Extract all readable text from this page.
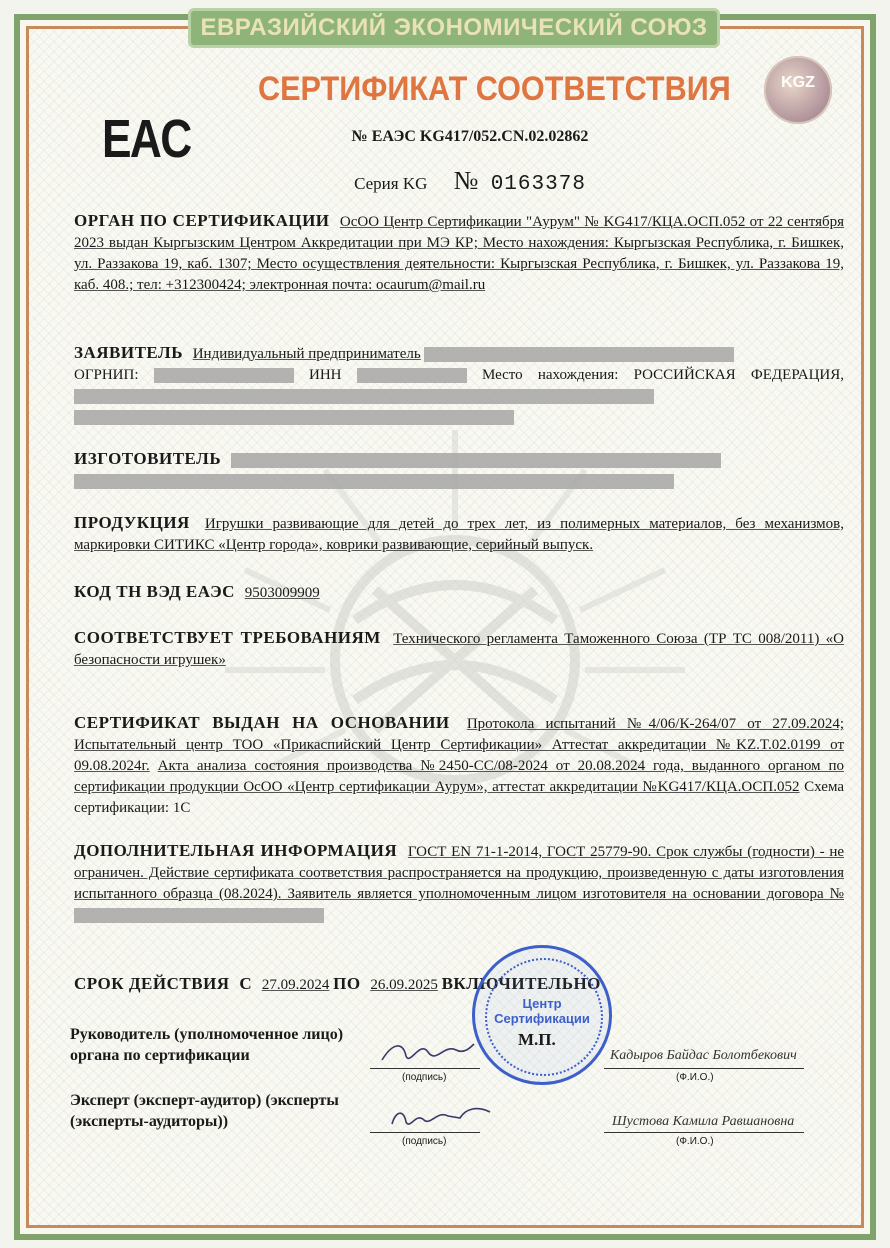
ЕВРАЗИЙСКИЙ ЭКОНОМИЧЕСКИЙ СОЮЗ
EAC
СЕРТИФИКАТ СООТВЕТСТВИЯ	KGZ
№ ЕАЭС KG417/052.CN.02.02862
Серия KG № 0163378
ОРГАН ПО СЕРТИФИКАЦИИ ОсОО Центр Сертификации "Аурум" № KG417/КЦА.ОСП.052 от 22 сентября 2023 выдан Кыргызским Центром Аккредитации при МЭ КР; Место нахождения: Кыргызская Республика, г. Бишкек, ул. Раззакова 19, каб. 1307; Место осуществления деятельности: Кыргызская Республика, г. Бишкек, ул. Раззакова 19, каб. 408.; тел: +312300424; электронная почта: ocaurum@mail.ru
ЗАЯВИТЕЛЬ Индивидуальный предприниматель
ОГРНИП:	ИНН	Место нахождения: РОССИЙСКАЯ ФЕДЕРАЦИЯ,
ИЗГОТОВИТЕЛЬ

ПРОДУКЦИЯ Игрушки развивающие для детей до трех лет, из полимерных материалов, без механизмов, маркировки СИТИКС «Центр города», коврики развивающие, серийный выпуск.
КОД ТН ВЭД ЕАЭС 9503009909
СООТВЕТСТВУЕТ ТРЕБОВАНИЯМ Технического регламента Таможенного Союза (ТР ТС 008/2011) «О безопасности игрушек»
СЕРТИФИКАТ ВЫДАН НА ОСНОВАНИИ Протокола испытаний №4/06/К-264/07 от 27.09.2024; Испытательный центр ТОО «Прикаспийский Центр Сертификации» Аттестат аккредитации №KZ.T.02.0199 от 09.08.2024г. Акта анализа состояния производства №2450-СС/08-2024 от 20.08.2024 года, выданного органом по сертификации продукции ОсОО «Центр сертификации Аурум», аттестат аккредитации №KG417/КЦА.ОСП.052 Схема сертификации: 1С
ДОПОЛНИТЕЛЬНАЯ ИНФОРМАЦИЯ ГОСТ EN 71-1-2014, ГОСТ 25779-90. Срок службы (годности) - не ограничен. Действие сертификата соответствия распространяется на продукцию, произведенную с даты изготовления испытанного образца (08.2024). Заявитель является уполномоченным лицом изготовителя на основании договора №
СРОК ДЕЙСТВИЯ С 27.09.2024 ПО 26.09.2025 ВКЛЮЧИТЕЛЬНО
Центр Сертификации
М.П.
Руководитель (уполномоченное лицо) органа по сертификации
(подпись)
Кадыров Байдас Болотбекович
(Ф.И.О.)
Эксперт (эксперт-аудитор) (эксперты (эксперты-аудиторы))
(подпись)
Шустова Камила Равшановна
(Ф.И.О.)
